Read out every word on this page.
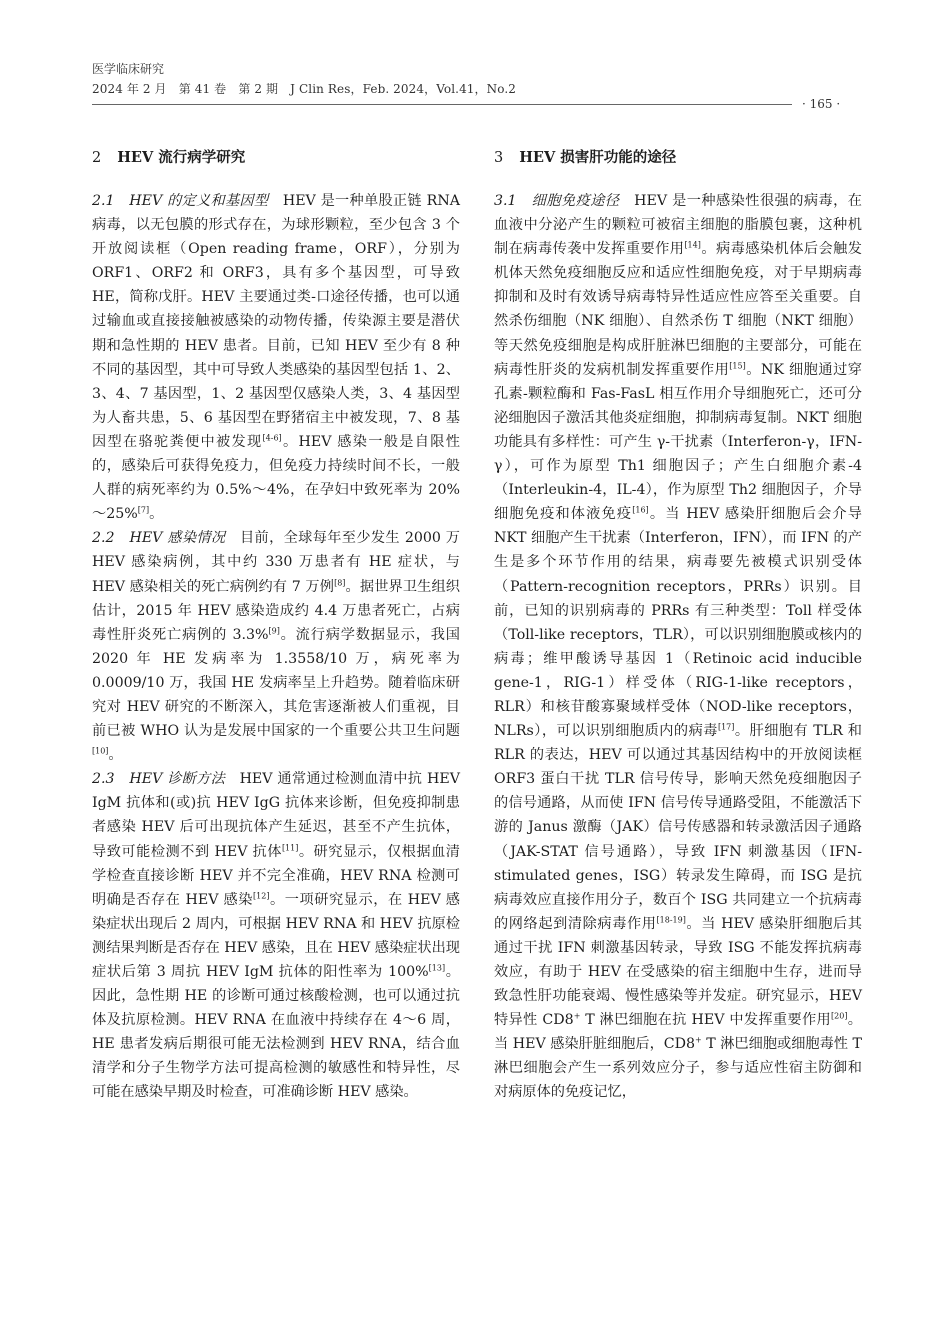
医学临床研究
2024 年 2 月　第 41 卷　第 2 期　J Clin Res，Feb. 2024，Vol.41，No.2
· 165 ·
2 HEV 流行病学研究

2.1　HEV 的定义和基因型　HEV 是一种单股正链 RNA 病毒，以无包膜的形式存在，为球形颗粒，至少包含 3 个开放阅读框（Open reading frame，ORF），分别为 ORF1、ORF2 和 ORF3，具有多个基因型，可导致 HE，简称戊肝。HEV 主要通过类-口途径传播，也可以通过输血或直接接触被感染的动物传播，传染源主要是潜伏期和急性期的 HEV 患者。目前，已知 HEV 至少有 8 种不同的基因型，其中可导致人类感染的基因型包括 1、2、3、4、7 基因型，1、2 基因型仅感染人类，3、4 基因型为人畜共患，5、6 基因型在野猪宿主中被发现，7、8 基因型在骆驼粪便中被发现[4-6]。HEV 感染一般是自限性的，感染后可获得免疫力，但免疫力持续时间不长，一般人群的病死率约为 0.5%～4%，在孕妇中致死率为 20%～25%[7]。

2.2　HEV 感染情况　目前，全球每年至少发生 2000 万 HEV 感染病例，其中约 330 万患者有 HE 症状，与 HEV 感染相关的死亡病例约有 7 万例[8]。据世界卫生组织估计，2015 年 HEV 感染造成约 4.4 万患者死亡，占病毒性肝炎死亡病例的 3.3%[9]。流行病学数据显示，我国 2020 年 HE 发病率为 1.3558/10 万，病死率为 0.0009/10 万，我国 HE 发病率呈上升趋势。随着临床研究对 HEV 研究的不断深入，其危害逐渐被人们重视，目前已被 WHO 认为是发展中国家的一个重要公共卫生问题[10]。

2.3　HEV 诊断方法　HEV 通常通过检测血清中抗 HEV IgM 抗体和(或)抗 HEV IgG 抗体来诊断，但免疫抑制患者感染 HEV 后可出现抗体产生延迟，甚至不产生抗体，导致可能检测不到 HEV 抗体[11]。研究显示，仅根据血清学检查直接诊断 HEV 并不完全准确，HEV RNA 检测可明确是否存在 HEV 感染[12]。一项研究显示，在 HEV 感染症状出现后 2 周内，可根据 HEV RNA 和 HEV 抗原检测结果判断是否存在 HEV 感染，且在 HEV 感染症状出现症状后第 3 周抗 HEV IgM 抗体的阳性率为 100%[13]。因此，急性期 HE 的诊断可通过核酸检测，也可以通过抗体及抗原检测。HEV RNA 在血液中持续存在 4～6 周，HE 患者发病后期很可能无法检测到 HEV RNA，结合血清学和分子生物学方法可提高检测的敏感性和特异性，尽可能在感染早期及时检查，可准确诊断 HEV 感染。

3 HEV 损害肝功能的途径

3.1　细胞免疫途径　HEV 是一种感染性很强的病毒，在血液中分泌产生的颗粒可被宿主细胞的脂膜包裹，这种机制在病毒传袭中发挥重要作用[14]。病毒感染机体后会触发机体天然免疫细胞反应和适应性细胞免疫，对于早期病毒抑制和及时有效诱导病毒特异性适应性应答至关重要。自然杀伤细胞（NK 细胞）、自然杀伤 T 细胞（NKT 细胞）等天然免疫细胞是构成肝脏淋巴细胞的主要部分，可能在病毒性肝炎的发病机制发挥重要作用[15]。NK 细胞通过穿孔素-颗粒酶和 Fas-FasL 相互作用介导细胞死亡，还可分泌细胞因子激活其他炎症细胞，抑制病毒复制。NKT 细胞功能具有多样性：可产生 γ-干扰素（Interferon-γ，IFN-γ），可作为原型 Th1 细胞因子；产生白细胞介素-4（Interleukin-4，IL-4），作为原型 Th2 细胞因子，介导细胞免疫和体液免疫[16]。当 HEV 感染肝细胞后会介导 NKT 细胞产生干扰素（Interferon，IFN），而 IFN 的产生是多个环节作用的结果，病毒要先被模式识别受体（Pattern-recognition receptors，PRRs）识别。目前，已知的识别病毒的 PRRs 有三种类型：Toll 样受体（Toll-like receptors，TLR），可以识别细胞膜或核内的病毒；维甲酸诱导基因 1（Retinoic acid inducible gene-1，RIG-1）样受体（RIG-1-like receptors，RLR）和核苷酸寡聚域样受体（NOD-like receptors，NLRs），可以识别细胞质内的病毒[17]。肝细胞有 TLR 和 RLR 的表达，HEV 可以通过其基因结构中的开放阅读框 ORF3 蛋白干扰 TLR 信号传导，影响天然免疫细胞因子的信号通路，从而使 IFN 信号传导通路受阻，不能激活下游的 Janus 激酶（JAK）信号传感器和转录激活因子通路（JAK-STAT 信号通路），导致 IFN 刺激基因（IFN-stimulated genes，ISG）转录发生障碍，而 ISG 是抗病毒效应直接作用分子，数百个 ISG 共同建立一个抗病毒的网络起到清除病毒作用[18-19]。当 HEV 感染肝细胞后其通过干扰 IFN 刺激基因转录，导致 ISG 不能发挥抗病毒效应，有助于 HEV 在受感染的宿主细胞中生存，进而导致急性肝功能衰竭、慢性感染等并发症。研究显示，HEV 特异性 CD8+ T 淋巴细胞在抗 HEV 中发挥重要作用[20]。当 HEV 感染肝脏细胞后，CD8+ T 淋巴细胞或细胞毒性 T 淋巴细胞会产生一系列效应分子，参与适应性宿主防御和对病原体的免疫记忆，
